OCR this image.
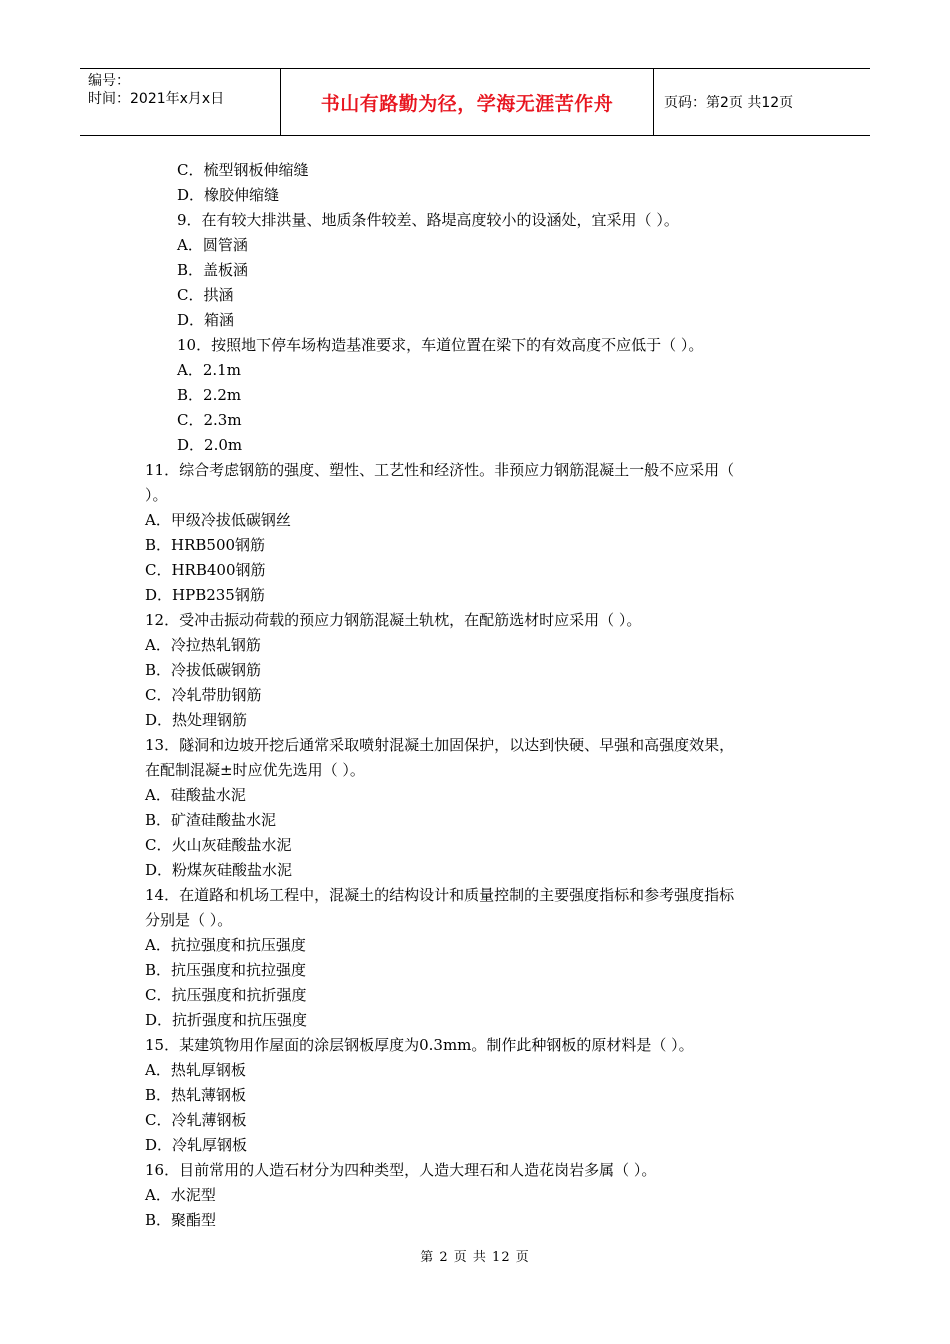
编号：
时间：2021年x月x日	书山有路勤为径，学海无涯苦作舟	页码：第2页 共12页
C．梳型钢板伸缩缝
D．橡胶伸缩缝
9．在有较大排洪量、地质条件较差、路堤高度较小的设涵处，宜采用（ ）。
A．圆管涵
B．盖板涵
C．拱涵
D．箱涵
10．按照地下停车场构造基准要求，车道位置在梁下的有效高度不应低于（ ）。
A．2.1m
B．2.2m
C．2.3m
D．2.0m
11．综合考虑钢筋的强度、塑性、工艺性和经济性。非预应力钢筋混凝土一般不应采用（
）。
A．甲级冷拔低碳钢丝
B．HRB500钢筋
C．HRB400钢筋
D．HPB235钢筋
12．受冲击振动荷载的预应力钢筋混凝土轨枕，在配筋选材时应采用（ ）。
A．冷拉热轧钢筋
B．冷拔低碳钢筋
C．冷轧带肋钢筋
D．热处理钢筋
13．隧洞和边坡开挖后通常采取喷射混凝土加固保护，以达到快硬、早强和高强度效果，
在配制混凝±时应优先选用（ ）。
A．硅酸盐水泥
B．矿渣硅酸盐水泥
C．火山灰硅酸盐水泥
D．粉煤灰硅酸盐水泥
14．在道路和机场工程中，混凝土的结构设计和质量控制的主要强度指标和参考强度指标
分别是（ ）。
A．抗拉强度和抗压强度
B．抗压强度和抗拉强度
C．抗压强度和抗折强度
D．抗折强度和抗压强度
15．某建筑物用作屋面的涂层钢板厚度为0.3mm。制作此种钢板的原材料是（ ）。
A．热轧厚钢板
B．热轧薄钢板
C．冷轧薄钢板
D．冷轧厚钢板
16．目前常用的人造石材分为四种类型，人造大理石和人造花岗岩多属（ ）。
A．水泥型
B．聚酯型
第 2 页 共 12 页
